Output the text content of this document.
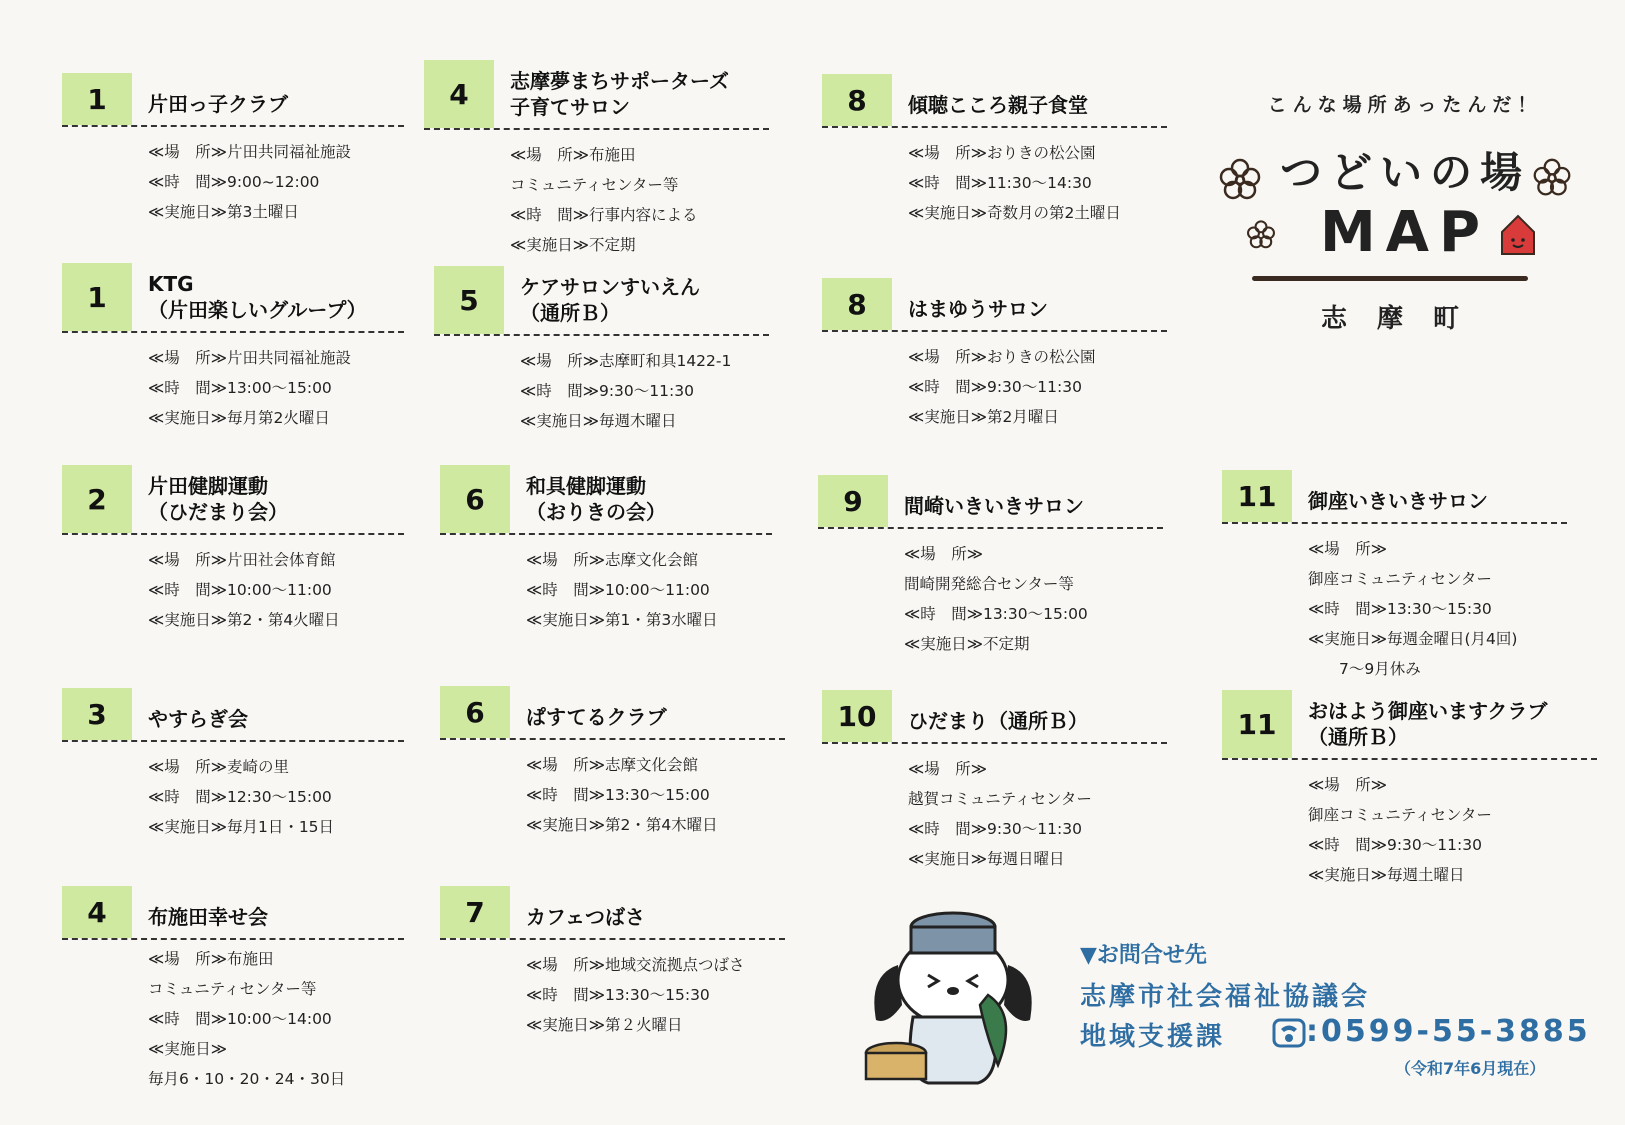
こんな場所あったんだ！
つどいの場
MAP
志摩町
1	片田っ子クラブ
≪場　所≫片田共同福祉施設
≪時　間≫9:00~12:00
≪実施日≫第3土曜日
1	KTG
（片田楽しいグループ）
≪場　所≫片田共同福祉施設
≪時　間≫13:00～15:00
≪実施日≫毎月第2火曜日
2	片田健脚運動
（ひだまり会）
≪場　所≫片田社会体育館
≪時　間≫10:00～11:00
≪実施日≫第2・第4火曜日
3	やすらぎ会
≪場　所≫麦崎の里
≪時　間≫12:30～15:00
≪実施日≫毎月1日・15日
4	布施田幸せ会
≪場　所≫布施田
コミュニティセンター等
≪時　間≫10:00～14:00
≪実施日≫
毎月6・10・20・24・30日
4	志摩夢まちサポーターズ
子育てサロン
≪場　所≫布施田
コミュニティセンター等
≪時　間≫行事内容による
≪実施日≫不定期
5	ケアサロンすいえん
（通所Ｂ）
≪場　所≫志摩町和具1422-1
≪時　間≫9:30～11:30
≪実施日≫毎週木曜日
6	和具健脚運動
（おりきの会）
≪場　所≫志摩文化会館
≪時　間≫10:00～11:00
≪実施日≫第1・第3水曜日
6	ぱすてるクラブ
≪場　所≫志摩文化会館
≪時　間≫13:30～15:00
≪実施日≫第2・第4木曜日
7	カフェつばさ
≪場　所≫地域交流拠点つばさ
≪時　間≫13:30～15:30
≪実施日≫第２火曜日
8	傾聴こころ親子食堂
≪場　所≫おりきの松公園
≪時　間≫11:30～14:30
≪実施日≫奇数月の第2土曜日
8	はまゆうサロン
≪場　所≫おりきの松公園
≪時　間≫9:30～11:30
≪実施日≫第2月曜日
9	間崎いきいきサロン
≪場　所≫
間崎開発総合センター等
≪時　間≫13:30～15:00
≪実施日≫不定期
10	ひだまり（通所Ｂ）
≪場　所≫
越賀コミュニティセンター
≪時　間≫9:30～11:30
≪実施日≫毎週日曜日
11	御座いきいきサロン
≪場　所≫
御座コミュニティセンター
≪時　間≫13:30～15:30
≪実施日≫毎週金曜日(月4回)
　　7～9月休み
11	おはよう御座いますクラブ
（通所Ｂ）
≪場　所≫
御座コミュニティセンター
≪時　間≫9:30～11:30
≪実施日≫毎週土曜日
▼お問合せ先
志摩市社会福祉協議会
地域支援課	:0599-55-3885
（令和7年6月現在）
